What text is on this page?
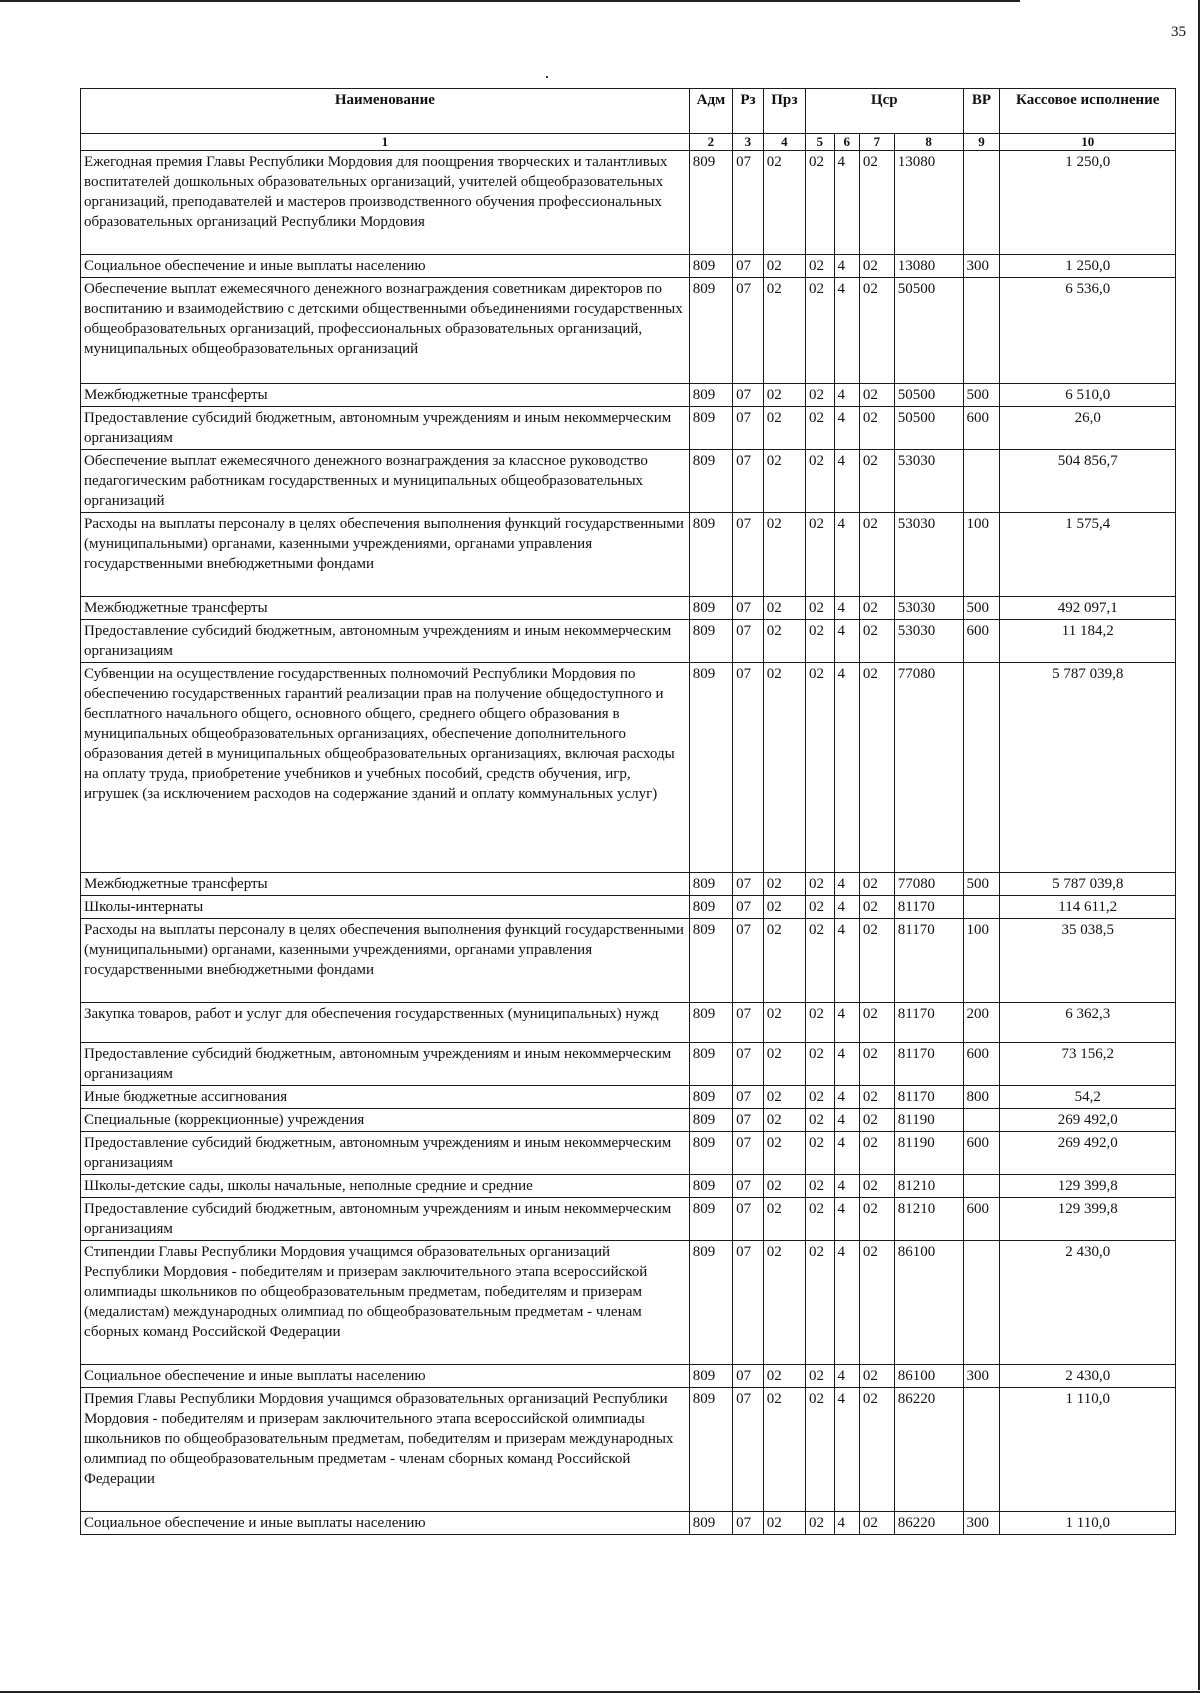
35
Наименование	Адм	Рз	Прз	Цср				ВР	Кассовое исполнение
1	2	3	4	5	6	7	8	9	10
Ежегодная премия Главы Республики Мордовия для поощрения творческих и талантливых воспитателей дошкольных образовательных организаций, учителей общеобразовательных организаций, преподавателей и мастеров производственного обучения профессиональных образовательных организаций Республики Мордовия	809	07	02	02	4	02	13080		1 250,0
Социальное обеспечение и иные выплаты населению	809	07	02	02	4	02	13080	300	1 250,0
Обеспечение выплат ежемесячного денежного вознаграждения советникам директоров по воспитанию и взаимодействию с детскими общественными объединениями государственных общеобразовательных организаций, профессиональных образовательных организаций, муниципальных общеобразовательных организаций	809	07	02	02	4	02	50500		6 536,0
Межбюджетные трансферты	809	07	02	02	4	02	50500	500	6 510,0
Предоставление субсидий бюджетным, автономным учреждениям и иным некоммерческим организациям	809	07	02	02	4	02	50500	600	26,0
Обеспечение выплат ежемесячного денежного вознаграждения за классное руководство педагогическим работникам государственных и муниципальных общеобразовательных организаций	809	07	02	02	4	02	53030		504 856,7
Расходы на выплаты персоналу в целях обеспечения выполнения функций государственными (муниципальными) органами, казенными учреждениями, органами управления государственными внебюджетными фондами	809	07	02	02	4	02	53030	100	1 575,4
Межбюджетные трансферты	809	07	02	02	4	02	53030	500	492 097,1
Предоставление субсидий бюджетным, автономным учреждениям и иным некоммерческим организациям	809	07	02	02	4	02	53030	600	11 184,2
Субвенции на осуществление государственных полномочий Республики Мордовия по обеспечению государственных гарантий реализации прав на получение общедоступного и бесплатного начального общего, основного общего, среднего общего образования в муниципальных общеобразовательных организациях, обеспечение дополнительного образования детей в муниципальных общеобразовательных организациях, включая расходы на оплату труда, приобретение учебников и учебных пособий, средств обучения, игр, игрушек (за исключением расходов на содержание зданий и оплату коммунальных услуг)	809	07	02	02	4	02	77080		5 787 039,8
Межбюджетные трансферты	809	07	02	02	4	02	77080	500	5 787 039,8
Школы-интернаты	809	07	02	02	4	02	81170		114 611,2
Расходы на выплаты персоналу в целях обеспечения выполнения функций государственными (муниципальными) органами, казенными учреждениями, органами управления государственными внебюджетными фондами	809	07	02	02	4	02	81170	100	35 038,5
Закупка товаров, работ и услуг для обеспечения государственных (муниципальных) нужд	809	07	02	02	4	02	81170	200	6 362,3
Предоставление субсидий бюджетным, автономным учреждениям и иным некоммерческим организациям	809	07	02	02	4	02	81170	600	73 156,2
Иные бюджетные ассигнования	809	07	02	02	4	02	81170	800	54,2
Специальные (коррекционные) учреждения	809	07	02	02	4	02	81190		269 492,0
Предоставление субсидий бюджетным, автономным учреждениям и иным некоммерческим организациям	809	07	02	02	4	02	81190	600	269 492,0
Школы-детские сады, школы начальные, неполные средние и средние	809	07	02	02	4	02	81210		129 399,8
Предоставление субсидий бюджетным, автономным учреждениям и иным некоммерческим организациям	809	07	02	02	4	02	81210	600	129 399,8
Стипендии Главы Республики Мордовия учащимся образовательных организаций Республики Мордовия - победителям и призерам заключительного этапа всероссийской олимпиады школьников по общеобразовательным предметам, победителям и призерам (медалистам) международных олимпиад по общеобразовательным предметам - членам сборных команд Российской Федерации	809	07	02	02	4	02	86100		2 430,0
Социальное обеспечение и иные выплаты населению	809	07	02	02	4	02	86100	300	2 430,0
Премия Главы Республики Мордовия учащимся образовательных организаций Республики Мордовия - победителям и призерам заключительного этапа всероссийской олимпиады школьников по общеобразовательным предметам, победителям и призерам международных олимпиад по общеобразовательным предметам - членам сборных команд Российской Федерации	809	07	02	02	4	02	86220		1 110,0
Социальное обеспечение и иные выплаты населению	809	07	02	02	4	02	86220	300	1 110,0
